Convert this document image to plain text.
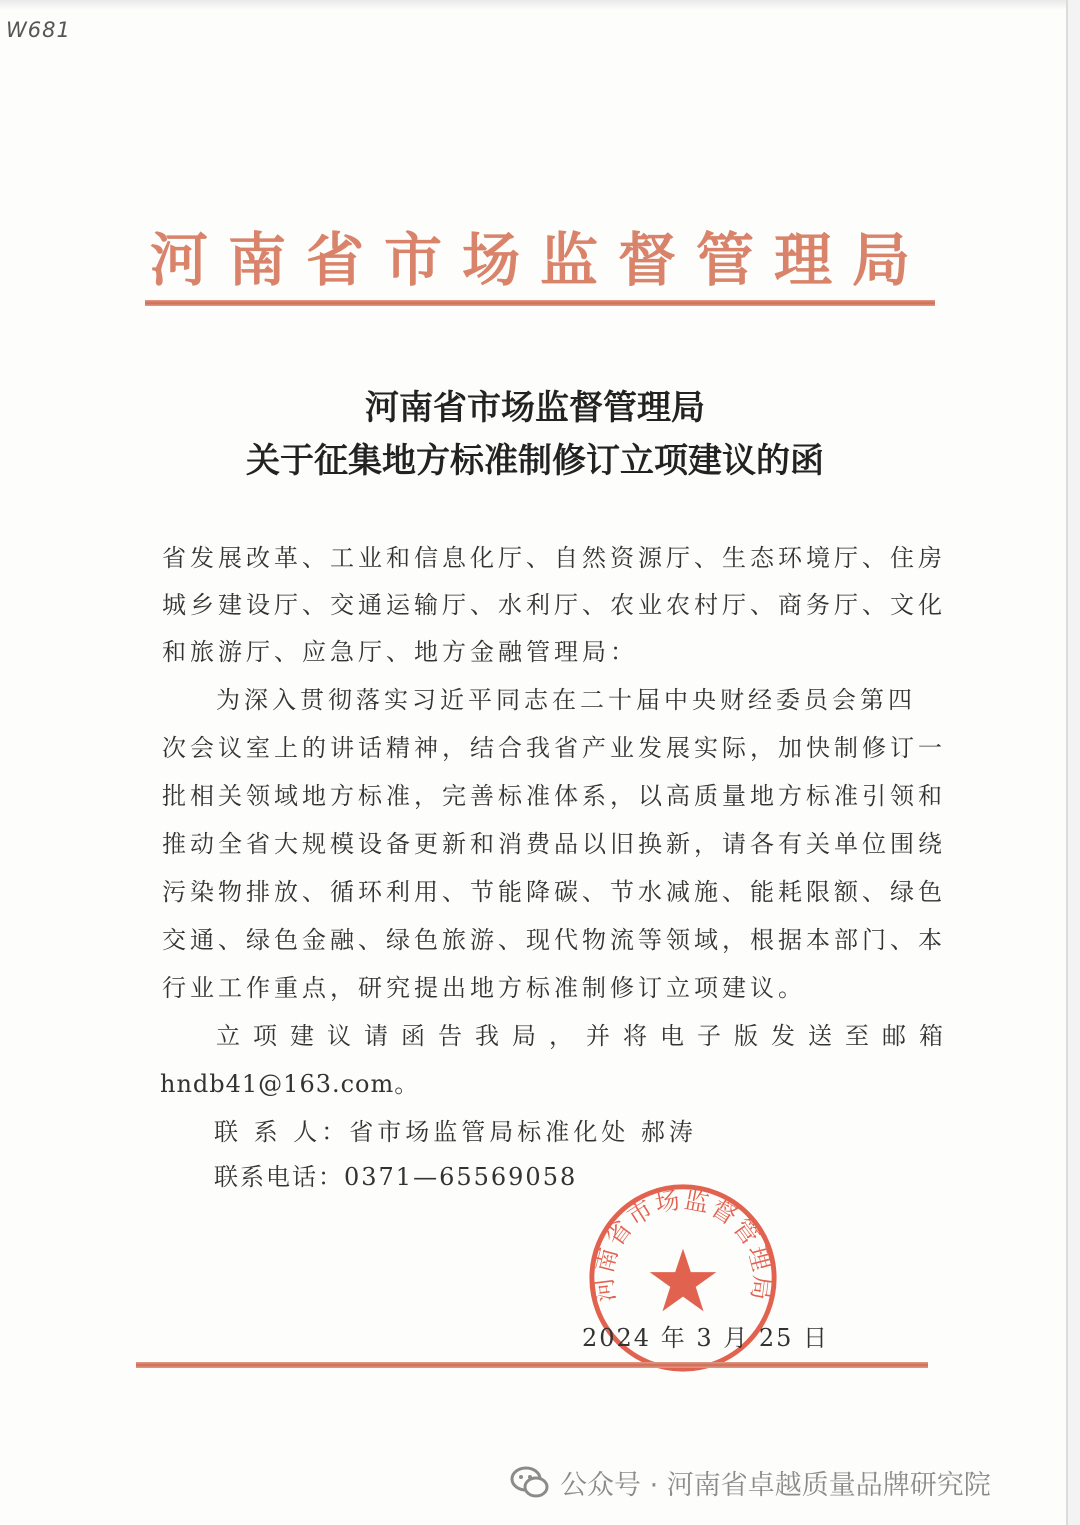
W681
河南省市场监督管理局
河南省市场监督管理局
关于征集地方标准制修订立项建议的函
省发展改革、工业和信息化厅、自然资源厅、生态环境厅、住房
城乡建设厅、交通运输厅、水利厅、农业农村厅、商务厅、文化
和旅游厅、应急厅、地方金融管理局：
为深入贯彻落实习近平同志在二十届中央财经委员会第四
次会议室上的讲话精神，结合我省产业发展实际，加快制修订一
批相关领域地方标准，完善标准体系，以高质量地方标准引领和
推动全省大规模设备更新和消费品以旧换新，请各有关单位围绕
污染物排放、循环利用、节能降碳、节水减施、能耗限额、绿色
交通、绿色金融、绿色旅游、现代物流等领域，根据本部门、本
行业工作重点，研究提出地方标准制修订立项建议。
立项建议请函告我局，并将电子版发送至邮箱
hndb41@163.com。
联 系 人：省市场监管局标准化处 郝涛
联系电话：0371—65569058
河南省市场监督管理局
2024 年 3 月 25 日
公众号 · 河南省卓越质量品牌研究院
